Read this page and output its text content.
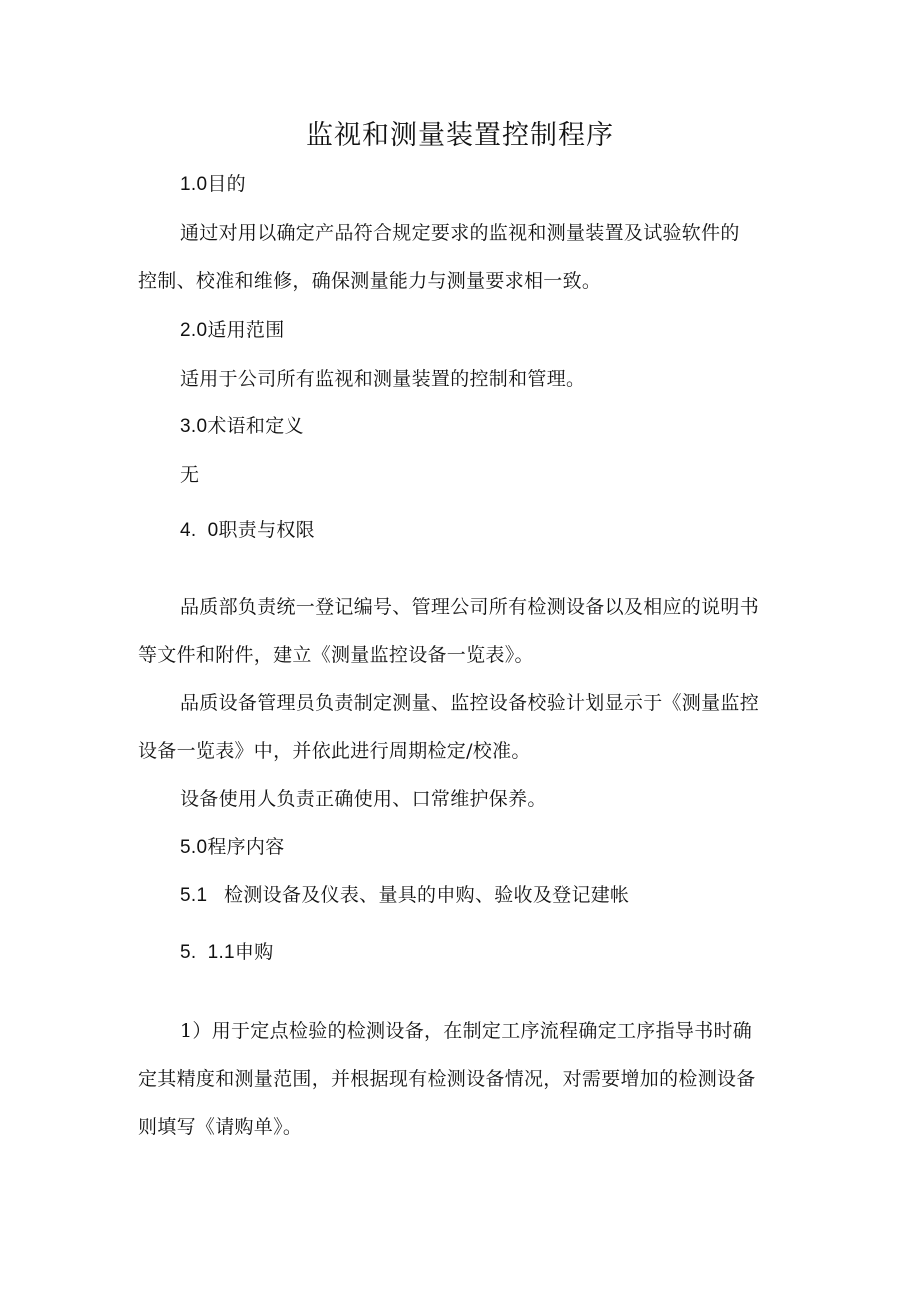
监视和测量装置控制程序
1.0目的
通过对用以确定产品符合规定要求的监视和测量装置及试验软件的
控制、校准和维修，确保测量能力与测量要求相一致。
2.0适用范围
适用于公司所有监视和测量装置的控制和管理。
3.0术语和定义
无
4.  0职责与权限
品质部负责统一登记编号、管理公司所有检测设备以及相应的说明书
等文件和附件，建立《测量监控设备一览表》。
品质设备管理员负责制定测量、监控设备校验计划显示于《测量监控
设备一览表》中，并依此进行周期检定/校准。
设备使用人负责正确使用、口常维护保养。
5.0程序内容
5.1   检测设备及仪表、量具的申购、验收及登记建帐
5.  1.1申购
1）用于定点检验的检测设备，在制定工序流程确定工序指导书时确
定其精度和测量范围，并根据现有检测设备情况，对需要增加的检测设备
则填写《请购单》。
